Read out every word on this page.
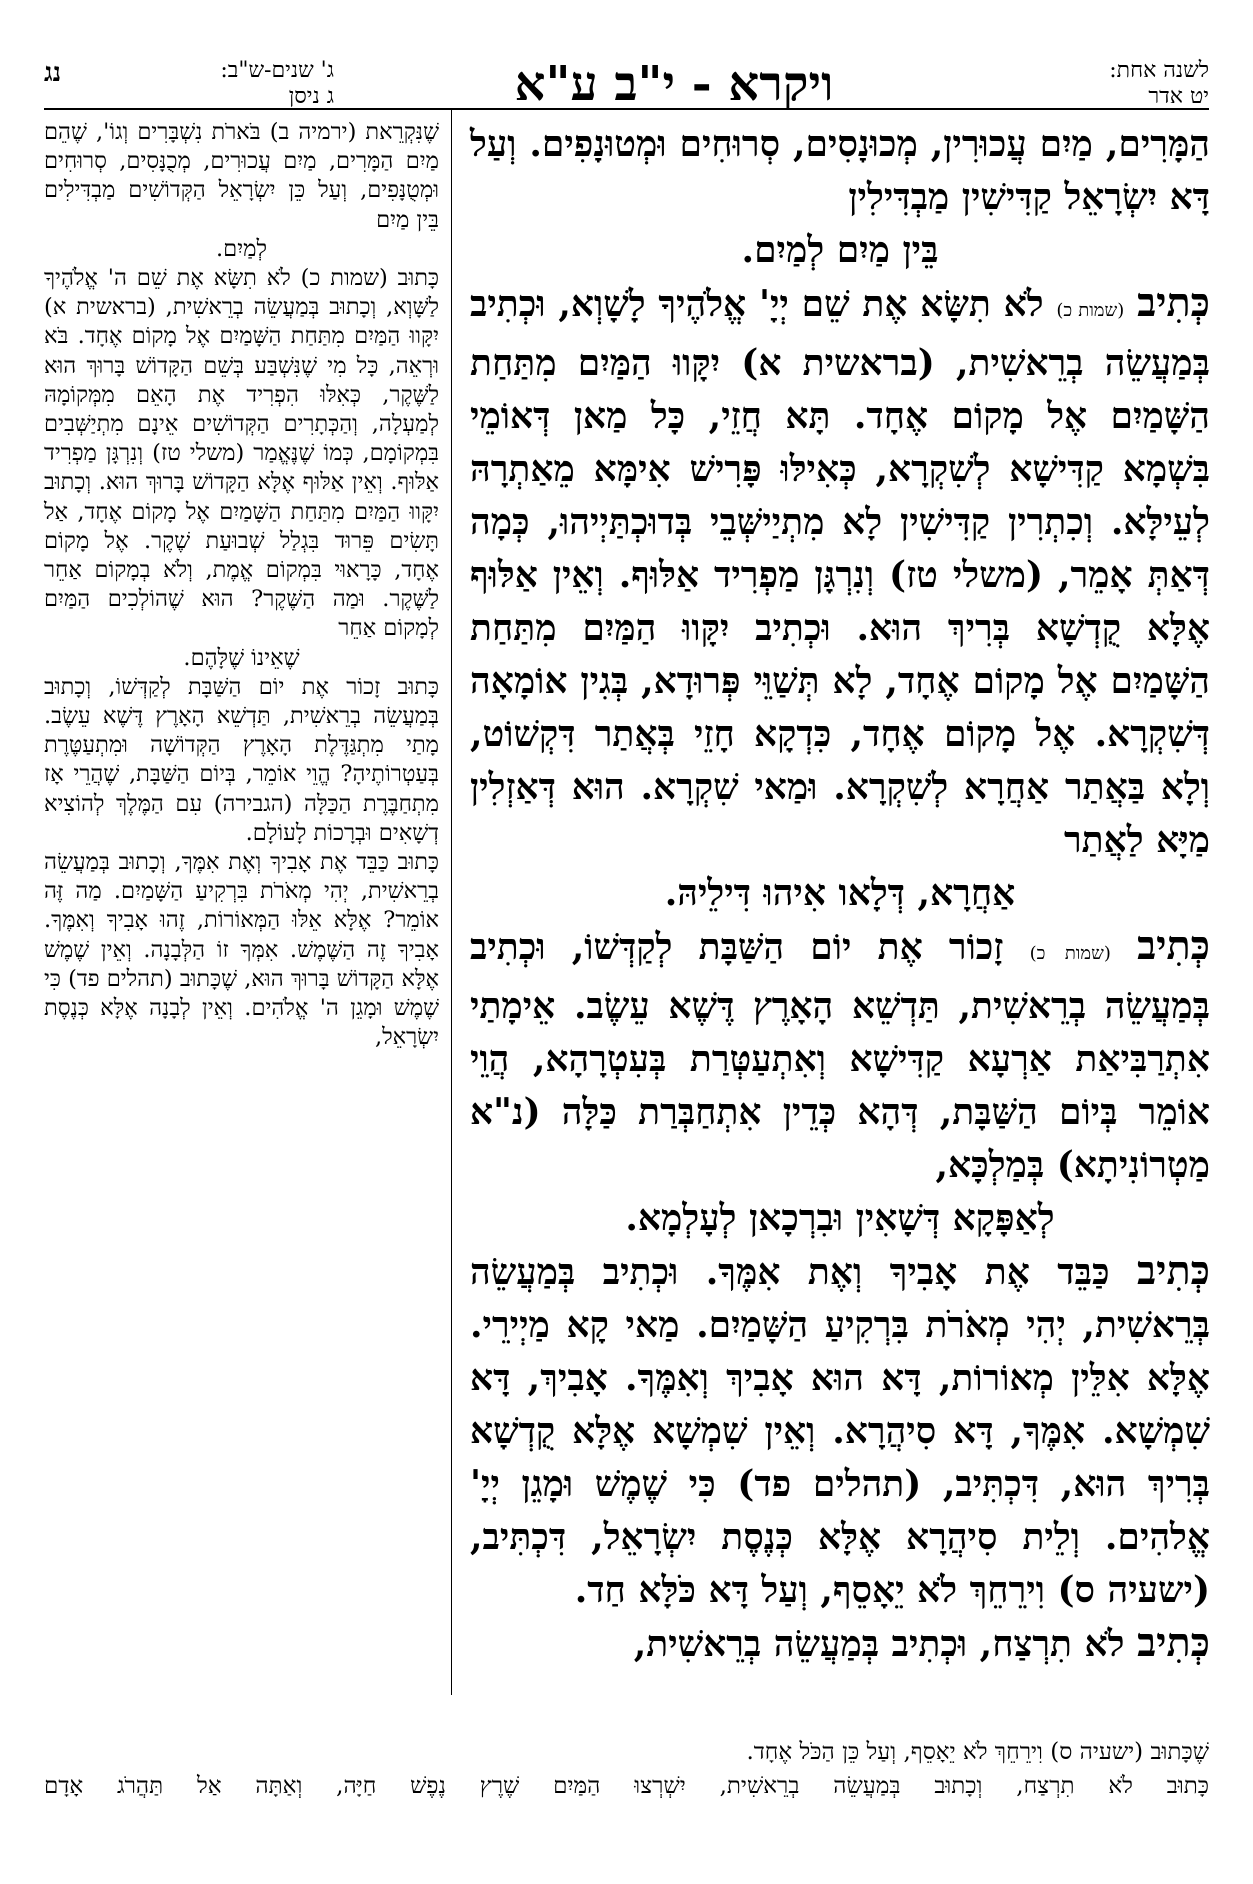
לשנה אחת:
יט אדר
ויקרא - י"ב ע"א
ג' שנים-ש"ב:
ג ניסן
נג

הַמָּרִים, מַיִם עֲכוּרִין, מְכוּנָסִים, סְרוּחִים וּמְטוּנָפִים. וְעַל דָּא יִשְׂרָאֵל קַדִּישִׁין מַבְדִּילִין

בֵּין מַיִם לְמַיִם.

כְּתִיב (שמות כ) לֹא תִשָּׂא אֶת שֵׁם יְיָ' אֱלֹהֶיךָ לָשָׁוְא, וּכְתִיב בְּמַעֲשֵׂה בְרֵאשִׁית, (בראשית א) יִקָּווּ הַמַּיִם מִתַּחַת הַשָּׁמַיִם אֶל מָקוֹם אֶחָד. תָּא חֲזֵי, כָּל מַאן דְּאוֹמֵי בִּשְׁמָא קַדִּישָׁא לְשִׁקְרָא, כְּאִילּוּ פָּרִישׁ אִימָּא מֵאַתְרָהּ לְעֵילָּא. וְכִתְרִין קַדִּישִׁין לָא מִתְיַישְּׁבֵי בְּדוּכְתַּיְיהוּ, כְּמָה דְּאַתְּ אָמֵר, (משלי טז) וְנִרְגָּן מַפְרִיד אַלּוּף. וְאֵין אַלּוּף אֶלָּא קֻדְשָׁא בְּרִיךְ הוּא. וּכְתִיב יִקָּווּ הַמַּיִם מִתַּחַת הַשָּׁמַיִם אֶל מָקוֹם אֶחָד, לָא תְּשַׁוֵּי פְּרוּדָא, בְּגִין אוֹמָאָה דְּשִׁקְרָא. אֶל מָקוֹם אֶחָד, כִּדְקָא חָזֵי בְּאֲתַר דִּקְשׁוֹט, וְלָא בַּאֲתַר אַחֲרָא לְשִׁקְרָא. וּמַאי שִׁקְרָא. הוּא דְּאַזְלִין מַיָּא לַאֲתַר

אַחֲרָא, דְּלָאו אִיהוּ דִּילֵיהּ.

כְּתִיב (שמות כ) זָכוֹר אֶת יוֹם הַשַּׁבָּת לְקַדְּשׁוֹ, וּכְתִיב בְּמַעֲשֵׂה בְרֵאשִׁית, תַּדְשֵׁא הָאָרֶץ דֶּשֶׁא עֵשֶׂב. אֵימָתַי אִתְרַבִּיאַת אַרְעָא קַדִּישָׁא וְאִתְעַטְּרַת בְּעִטְרָהָא, הֲוֵי אוֹמֵר בְּיוֹם הַשַּׁבָּת, דְּהָא כְּדֵין אִתְחַבְּרַת כַּלָּה (נ"א מַטְרוֹנִיתָא) בְּמַלְכָּא,

לְאַפָּקָא דְּשָׁאִין וּבִרְכָאן לְעָלְמָא.

כְּתִיב כַּבֵּד אֶת אָבִיךָ וְאֶת אִמֶּךָ. וּכְתִיב בְּמַעֲשֵׂה בְּרֵאשִׁית, יְהִי מְאֹרֹת בִּרְקִיעַ הַשָּׁמַיִם. מַאי קָא מַיְירֵי. אֶלָּא אִלֵּין מְאוֹרוֹת, דָּא הוּא אָבִיךְ וְאִמֶּךָ. אָבִיךְ, דָּא שִׁמְשָׁא. אִמֶּךָ, דָּא סִיהֲרָא. וְאֵין שִׁמְשָׁא אֶלָּא קֻדְשָׁא בְּרִיךְ הוּא, דִּכְתִּיב, (תהלים פד) כִּי שֶׁמֶשׁ וּמָגֵן יְיָ' אֱלהִים. וְלֵית סִיהֲרָא אֶלָּא כְּנֶסֶת יִשְׂרָאֵל, דִּכְתִּיב, (ישעיה ס) וִירֵחֵךְ לֹא יֵאָסֵף, וְעַל דָּא כֹּלָּא חַד.

כְּתִיב לֹא תִרְצַח, וּכְתִיב בְּמַעֲשֵׂה בְרֵאשִׁית,

שֶׁנִּקְרֵאת (ירמיה ב) בֹּארֹת נִשְׁבָּרִים וְגוֹ', שֶׁהֵם מַיִם הַמָּרִים, מַיִם עֲכוּרִים, מְכֻנָּסִים, סְרוּחִים וּמְטֻנָּפִים, וְעַל כֵּן יִשְׂרָאֵל הַקְּדוֹשִׁים מַבְדִּילִים בֵּין מַיִם

לְמַיִם.

כָּתוּב (שמות כ) לֹא תִשָּׂא אֶת שֵׁם ה' אֱלֹהֶיךָ לַשָּׁוְא, וְכָתוּב בְּמַעֲשֵׂה בְרֵאשִׁית, (בראשית א) יִקָּווּ הַמַּיִם מִתַּחַת הַשָּׁמַיִם אֶל מָקוֹם אֶחָד. בֹּא וּרְאֵה, כָּל מִי שֶׁנִּשְׁבַּע בְּשֵׁם הַקָּדוֹשׁ בָּרוּךְ הוּא לַשֶּׁקֶר, כְּאִלּוּ הִפְרִיד אֶת הָאֵם מִמְּקוֹמָהּ לְמַעְלָה, וְהַכְּתָרִים הַקְּדוֹשִׁים אֵינָם מִתְיַשְּׁבִים בִּמְקוֹמָם, כְּמוֹ שֶׁנֶּאֱמַר (משלי טז) וְנִרְגָּן מַפְרִיד אַלּוּף. וְאֵין אַלּוּף אֶלָּא הַקָּדוֹשׁ בָּרוּךְ הוּא. וְכָתוּב יִקָּווּ הַמַּיִם מִתַּחַת הַשָּׁמַיִם אֶל מָקוֹם אֶחָד, אַל תָּשִׂים פֵּרוּד בִּגְלַל שְׁבוּעַת שֶׁקֶר. אֶל מָקוֹם אֶחָד, כָּרָאוּי בִּמְקוֹם אֱמֶת, וְלֹא בְמָקוֹם אַחֵר לַשֶּׁקֶר. וּמַה הַשֶּׁקֶר? הוּא שֶׁהוֹלְכִים הַמַּיִם לְמָקוֹם אַחֵר

שֶׁאֵינוֹ שֶׁלָּהֶם.

כָּתוּב זָכוֹר אֶת יוֹם הַשַּׁבָּת לְקַדְּשׁוֹ, וְכָתוּב בְּמַעֲשֵׂה בְרֵאשִׁית, תַּדְשֵׁא הָאָרֶץ דֶּשֶׁא עֵשֶׂב. מָתַי מִתְגַּדֶּלֶת הָאָרֶץ הַקְּדוֹשָׁה וּמִתְעַטֶּרֶת בְּעַטְרוֹתֶיהָ? הֱוֵי אוֹמֵר, בְּיוֹם הַשַּׁבָּת, שֶׁהֲרֵי אָז מִתְחַבֶּרֶת הַכַּלָּה (הגבירה) עִם הַמֶּלֶךְ לְהוֹצִיא דְשָׁאִים וּבְרָכוֹת לָעוֹלָם.

כָּתוּב כַּבֵּד אֶת אָבִיךָ וְאֶת אִמֶּךָ, וְכָתוּב בְּמַעֲשֵׂה בְרֵאשִׁית, יְהִי מְאֹרֹת בִּרְקִיעַ הַשָּׁמַיִם. מַה זֶּה אוֹמֵר? אֶלָּא אֵלּוּ הַמְּאוֹרוֹת, זֶהוּ אָבִיךָ וְאִמֶּךָ. אָבִיךָ זֶה הַשֶּׁמֶשׁ. אִמְּךָ זוֹ הַלְּבָנָה. וְאֵין שֶׁמֶשׁ אֶלָּא הַקָּדוֹשׁ בָּרוּךְ הוּא, שֶׁכָּתוּב (תהלים פד) כִּי שֶׁמֶשׁ וּמָגֵן ה' אֱלֹהִים. וְאֵין לְבָנָה אֶלָּא כְּנֶסֶת יִשְׂרָאֵל,

שֶׁכָּתוּב (ישעיה ס) וִירֵחֵךְ לֹא יֵאָסֵף, וְעַל כֵּן הַכֹּל אֶחָד.
כָּתוּב לֹא תִרְצַח, וְכָתוּב בְּמַעֲשֵׂה בְרֵאשִׁית, יִשְׁרְצוּ הַמַּיִם שֶׁרֶץ נֶפֶשׁ חַיָּה, וְאַתָּה אַל תַּהֲרֹג אָדָם
